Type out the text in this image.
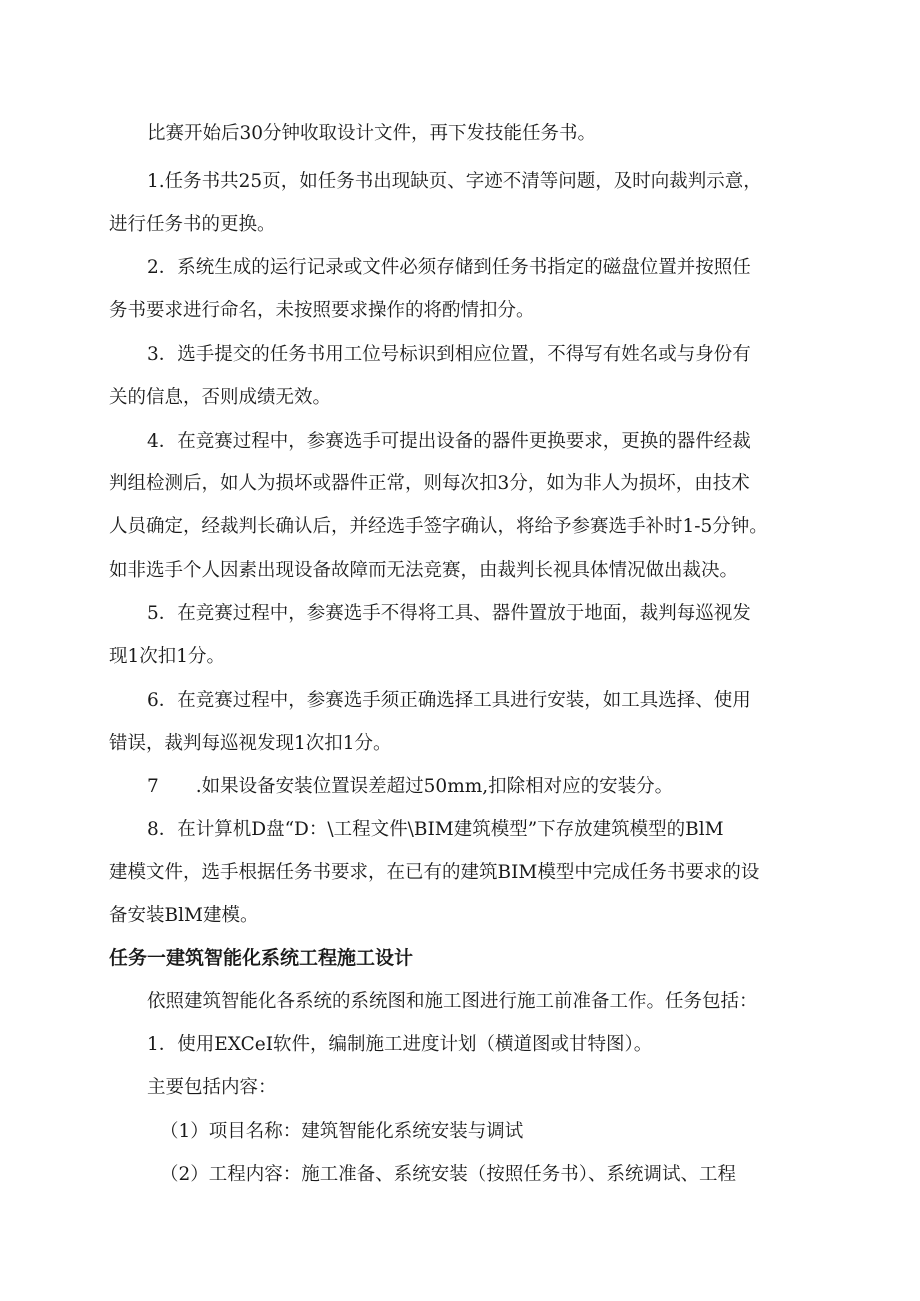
比赛开始后30分钟收取设计文件，再下发技能任务书。
1.任务书共25页，如任务书出现缺页、字迹不清等问题，及时向裁判示意，
进行任务书的更换。
2．系统生成的运行记录或文件必须存储到任务书指定的磁盘位置并按照任
务书要求进行命名，未按照要求操作的将酌情扣分。
3．选手提交的任务书用工位号标识到相应位置，不得写有姓名或与身份有
关的信息，否则成绩无效。
4．在竞赛过程中，参赛选手可提出设备的器件更换要求，更换的器件经裁
判组检测后，如人为损坏或器件正常，则每次扣3分，如为非人为损坏，由技术
人员确定，经裁判长确认后，并经选手签字确认，将给予参赛选手补时1-5分钟。
如非选手个人因素出现设备故障而无法竞赛，由裁判长视具体情况做出裁决。
5．在竞赛过程中，参赛选手不得将工具、器件置放于地面，裁判每巡视发
现1次扣1分。
6．在竞赛过程中，参赛选手须正确选择工具进行安装，如工具选择、使用
错误，裁判每巡视发现1次扣1分。
7　　.如果设备安装位置误差超过50mm,扣除相对应的安装分。
8．在计算机D盘“D：\工程文件\BIM建筑模型”下存放建筑模型的BlM
建模文件，选手根据任务书要求，在已有的建筑BIM模型中完成任务书要求的设
备安装BlM建模。
任务一建筑智能化系统工程施工设计
依照建筑智能化各系统的系统图和施工图进行施工前准备工作。任务包括：
1．使用EXCeI软件，编制施工进度计划（横道图或甘特图）。
主要包括内容：
（1）项目名称：建筑智能化系统安装与调试
（2）工程内容：施工准备、系统安装（按照任务书）、系统调试、工程
